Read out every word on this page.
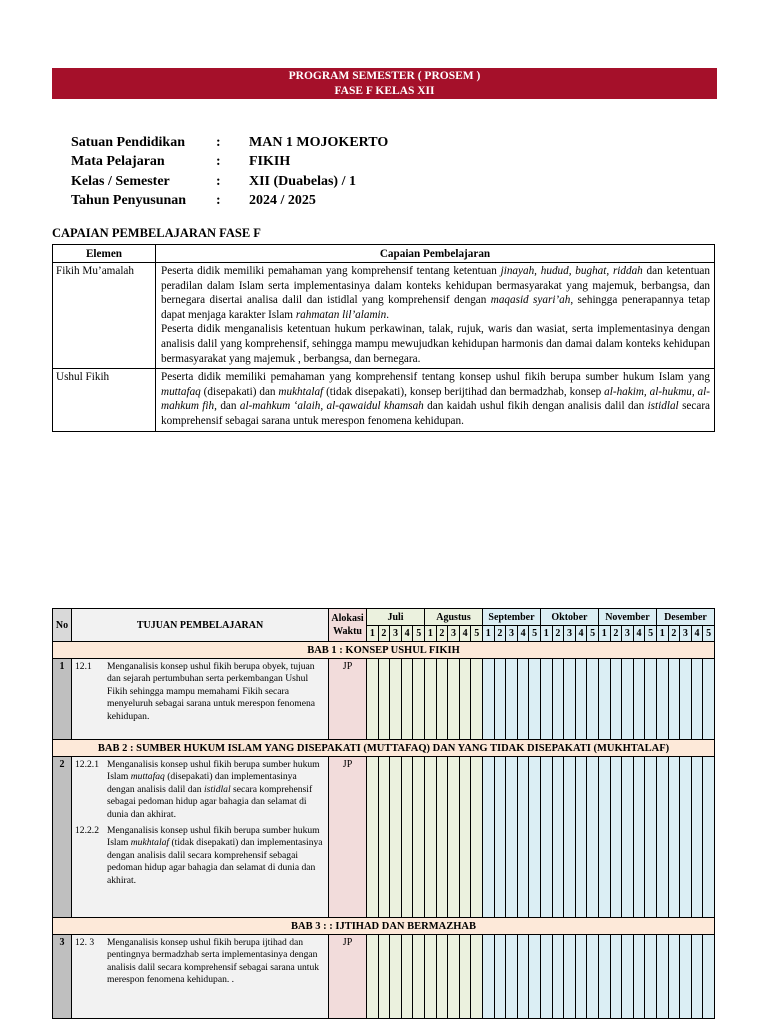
PROGRAM SEMESTER ( PROSEM )
FASE F KELAS XII
Satuan Pendidikan	:	MAN 1 MOJOKERTO
Mata Pelajaran	:	FIKIH
Kelas / Semester	:	XII (Duabelas) / 1
Tahun Penyusunan	:	2024 / 2025
CAPAIAN PEMBELAJARAN FASE F
Elemen	Capaian Pembelajaran
Fikih Mu’amalah	Peserta didik memiliki pemahaman yang komprehensif tentang ketentuan jinayah, hudud, bughat, riddah dan ketentuan peradilan dalam Islam serta implementasinya dalam konteks kehidupan bermasyarakat yang majemuk, berbangsa, dan bernegara disertai analisa dalil dan istidlal yang komprehensif dengan maqasid syari’ah, sehingga penerapannya tetap dapat menjaga karakter Islam rahmatan lil’alamin.
Peserta didik menganalisis ketentuan hukum perkawinan, talak, rujuk, waris dan wasiat, serta implementasinya dengan analisis dalil yang komprehensif, sehingga mampu mewujudkan kehidupan harmonis dan damai dalam konteks kehidupan bermasyarakat yang majemuk , berbangsa, dan bernegara.

Ushul Fikih	Peserta didik memiliki pemahaman yang komprehensif tentang konsep ushul fikih berupa sumber hukum Islam yang muttafaq (disepakati) dan mukhtalaf (tidak disepakati), konsep berijtihad dan bermadzhab, konsep al-hakim, al-hukmu, al-mahkum fih, dan al-mahkum ‘alaih, al-qawaidul khamsah dan kaidah ushul fikih dengan analisis dalil dan istidlal secara komprehensif sebagai sarana untuk merespon fenomena kehidupan.
No	TUJUAN PEMBELAJARAN	Alokasi
Waktu	Juli					Agustus					September					Oktober					November					Desember				
			1	2	3	4	5	1	2	3	4	5	1	2	3	4	5	1	2	3	4	5	1	2	3	4	5	1	2	3	4	5
BAB 1 : KONSEP USHUL FIKIH																																
1	12.1 Menganalisis konsep ushul fikih berupa obyek, tujuan dan sejarah pertumbuhan serta perkembangan Ushul Fikih sehingga mampu memahami Fikih secara menyeluruh sebagai sarana untuk merespon fenomena kehidupan.	JP																														
BAB 2 : SUMBER HUKUM ISLAM YANG DISEPAKATI (MUTTAFAQ) DAN YANG TIDAK DISEPAKATI (MUKHTALAF)																																
2	12.2.1 Menganalisis konsep ushul fikih berupa sumber hukum Islam muttafaq (disepakati) dan implementasinya dengan analisis dalil dan istidlal secara komprehensif sebagai pedoman hidup agar bahagia dan selamat di dunia dan akhirat.
12.2.2 Menganalisis konsep ushul fikih berupa sumber hukum Islam mukhtalaf (tidak disepakati) dan implementasinya dengan analisis dalil secara komprehensif sebagai pedoman hidup agar bahagia dan selamat di dunia dan akhirat.	JP																														
BAB 3 : : IJTIHAD DAN BERMAZHAB																																
3	12. 3 Menganalisis konsep ushul fikih berupa ijtihad dan pentingnya bermadzhab serta implementasinya dengan analisis dalil secara komprehensif sebagai sarana untuk merespon fenomena kehidupan. .	JP																														
